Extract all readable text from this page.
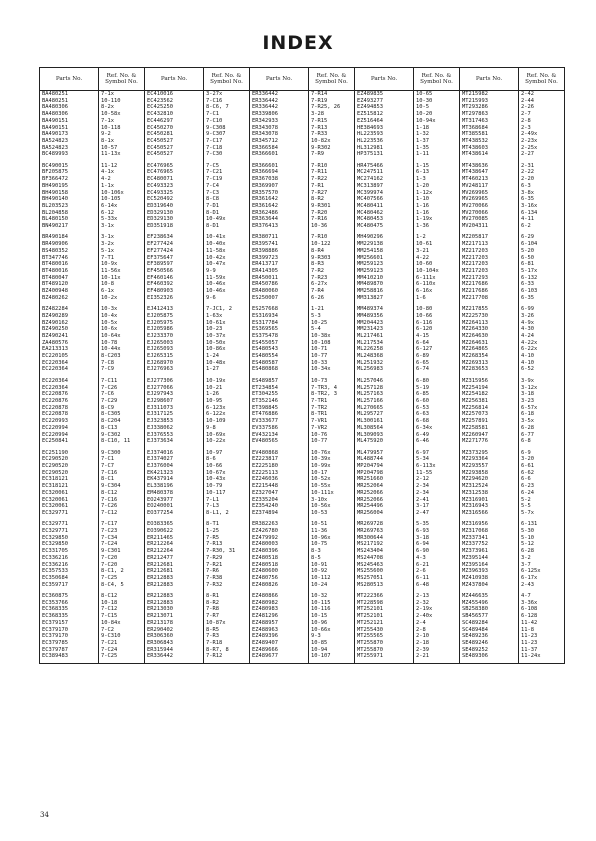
INDEX
Parts No.	Ref. No. & Symbol No.	Parts No.	Ref. No. & Symbol No.	Parts No.	Ref. No. & Symbol No.	Parts No.	Ref. No. & Symbol No.	Parts No.	Ref. No. & Symbol No.
BA480251	7-1x	EC410016	3-27x	ER336442	7-R14	EZ489835	10-65	MT215982	2-42
BA480251	10-110	EC423562	7-C16	ER336442	7-R19	EZ493277	10-30	MT215993	2-44
BA480306	8-2x	EC425250	8-C6, 7	ER336442	7-R25, 26	EZ494853	10-5	MT293286	2-26
BA480306	10-58x	EC432810	7-C1	ER339806	3-28	EZ515812	10-20	MT297863	2-7
BA490151	7-1x	EC446297	7-C10	ER342933	7-R15	EZ516464	10-94x	MT317463	2-8
BA490151	10-118	EC450270	9-C308	ER343078	7-R13	HE384693	1-18	MT368684	2-3
BA490173	9-2	EC450281	9-C307	ER343078	7-R33	HL223593	1-32	MT385581	2-49x
BA524823	8-1x	EC450527	7-C17	ER345712	10-82x	HL223536	1-37	MT438532	2-23x
BA524823	10-57	EC450527	7-C18	ER366584	9-R302	HL312981	1-35	MT438603	2-25x
BC489993	11-13x	EC450527	7-C30	ER366601	7-R9	HP375131	1-11	MT438614	2-27
BC490015	11-12	EC476965	7-C5	ER366601	7-R10	HR475466	1-15	MT438636	2-31
BF205875	4-1x	EC476965	7-C21	ER366694	7-R11	MC247511	6-13	MT438647	2-22
BF366472	4-2	EC480071	7-C19	ER367038	7-R22	MC274162	1-3	MT460213	2-20
BH490195	1-1x	EC493323	7-C4	ER369907	7-R1	MC313897	1-20	MV248117	6-3
BH490158	10-106x	EC493325	7-C3	ER357570	7-R27	MC399974	1-12x	MV269965	3-8x
BH490140	10-105	EC520492	8-C8	ER361642	8-R2	MC407566	1-10	MV269965	6-35
BL203523	6-14x	ED319640	7-D1	ER361642	9-R301	MC480411	1-16	MV270066	3-16x
BL204858	6-12	ED329130	8-D1	ER362486	7-R20	MC480462	1-16	MV270066	6-134
BL480150	5-33x	ED329130	10-49x	ER363644	7-R16	MC480453	1-19x	MV270085	4-11
BN490217	3-1x	ED351918	8-D1	ER376413	10-36	MC480475	1-36	MV204311	6-2
BR490184	3-1x	EF238634	10-41x	ER380711	7-R10	MH490296	1-2	MZ205817	6-29
BR490906	3-2x	EF277424	10-40x	ER395741	10-122	MM229138	10-61	MZ217113	6-104
BS480352	5-1x	EF277424	11-58x	ER398886	8-R4	MM254158	3-21	MZ217203	5-20
BT347746	7-T1	EF375647	10-42x	ER399723	9-R303	MM256601	4-22	MZ217203	6-50
BT480016	10-9x	EF389597	10-47x	ER413717	8-R3	MM259123	10-60	MZ217203	6-81
BT480016	11-56x	EF450566	9-9	ER414305	7-R2	MM259123	10-104x	MZ217203	5-17x
BT480047	10-11x	EF460146	11-59x	ER450011	7-R23	MM410210	6-111x	MZ217293	6-132
BT489120	10-8	EF460392	10-46x	ER450786	6-27x	MM489870	6-110x	MZ217686	6-33
BZ400948	6-1x	EF480903	10-46x	ER480060	7-R4	MM258816	6-16x	MZ217686	6-103
BZ480262	10-2x	EI352326	9-6	ES250007	6-26	MM313827	1-6	MZ217708	6-35
BZ482284	10-3x	EJ412413	7-JC1, 2	ES257668	1-21	MM489374	10-80	MZ217855	6-99
BZ490289	10-4x	EJ205875	1-63x	ES316934	5-3	MM489356	10-66	MZ225730	3-26
BZ490162	10-5x	EJ205975	10-61x	ES317784	10-25	MM204423	6-116	MZ264113	4-9x
BZ490250	10-6x	EJ205986	10-23	ES369565	5-4	MM231423	6-120	MZ264330	4-30
BZ490241	10-64x	EJ233370	10-37x	ES375478	10-38x	ML217461	4-15	MZ264630	4-24
ZA480576	10-78	EJ265003	10-50x	ES455057	10-108	ML217534	6-64	MZ264631	4-22x
EA213313	10-44x	EJ265093	10-86x	ES480543	10-71	ML226258	6-127	MZ264865	6-22x
EC220105	8-C203	EJ265315	1-24	ES480554	10-77	ML248368	6-89	MZ268354	4-10
EC220364	7-C8	EJ268970	10-48x	ES480587	10-33	ML251932	6-65	MZ269313	4-10
EC220364	7-C9	EJ276963	1-27	ES480868	10-34x	ML256983	6-74	MZ283653	6-52
EC220364	7-C11	EJ277306	10-19x	ES489857	10-73	ML257046	6-80	MZ315956	3-9x
EC220364	7-C26	EJ277066	10-21	ET234854	7-TR3, 4	ML257128	5-19	MZ254194	3-12x
EC220876	7-C6	EJ297943	1-26	ET304255	8-TR2, 3	ML257163	6-85	MZ254182	3-18
EC220876	7-C29	EJ298607	10-95	ET352146	7-TR1	ML257166	6-60	MZ256381	3-23
EC220878	8-C9	EJ311073	6-123x	ET398845	7-TR2	ML270665	6-53	MZ256814	6-57x
EC220878	8-C305	EJ317125	6-122x	ET476886	8-TR1	ML295727	6-63	MZ257073	6-18
EC220993	8-C204	EJ323853	10-109	EV333677	7-VR1	ML300161	6-68	MZ257891	3-5x
EC220994	8-C13	EJ338062	9-8	EV337586	7-VR2	ML308564	6-34x	MZ258581	6-28
EC220994	9-C302	EJ376553	10-69x	EV432134	10-76	ML309093	6-49	MZ260947	6-77
EC250841	8-C10, 11	EJ373634	10-22x	EV480565	10-77	ML475920	6-46	MZ271776	6-8
EC251190	9-C300	EJ374016	10-97	EV480868	10-76x	ML479957	6-97	MZ373295	6-9
EC290520	7-C1	EJ374027	8-6	EZ223817	10-39x	ML488744	5-34	MZ293364	3-20
EC290520	7-C7	EJ376004	10-66	EZ225180	10-99x	MP204794	6-113x	MZ293557	6-61
EC290520	7-C16	EK421323	10-67x	EZ225113	10-17	MP204798	11-55	MZ293858	6-62
EC318121	8-C1	EK437914	10-43x	EZ246036	10-52x	MR251660	2-12	MZ294620	6-6
EC318121	9-C304	EL338196	10-79	EZ215448	10-55x	MR252064	2-34	MZ312524	6-23
EC320061	8-C12	EM480378	10-117	EZ327047	10-111x	MR252066	2-34	MZ312538	6-24
EC320061	7-C16	EO243977	7-L1	EZ335204	3-10x	MR252066	2-41	MZ316901	5-2
EC320061	7-C26	EO240001	7-L3	EZ354240	10-56x	MR254496	3-17	MZ316943	5-5
EC329771	7-C12	EO377254	8-L1, 2	EZ374894	10-53	MR256004	2-47	MZ316566	5-7x
EC329771	7-C17	EO383365	8-T1	ER382263	10-51	MR269728	5-35	MZ316956	6-131
EC329771	7-C23	EO390622	1-25	EZ426780	11-36	MR269763	6-93	MZ317068	5-30
EC329850	7-C34	ER211465	7-R5	EZ479992	10-96x	MR300644	3-18	MZ337341	5-10
EC329850	7-C24	ER212264	7-R13	EZ480003	10-75	MS217192	6-94	MZ337752	5-12
EC331705	9-C301	ER212264	7-R30, 31	EZ480396	8-3	MS243404	6-90	MZ373961	6-28
EC336216	7-C20	ER212477	7-R29	EZ480518	8-5	MS244708	4-3	MZ395144	3-2
EC336216	7-C20	ER212681	7-R21	EZ480518	10-91	MS245463	6-21	MZ395164	3-7
EC357533	8-C1, 2	ER212681	7-R6	EZ480600	10-92	MS255600	2-6	MZ396393	6-125x
EC350684	7-C25	ER212883	7-R38	EZ480756	10-112	MS257051	6-11	MZ410938	6-17x
EC359717	8-C4, 5	ER212883	7-R32	EZ480826	10-24	MS280513	6-48	MZ437804	2-43
EC360875	8-C12	ER212883	8-R1	EZ480866	10-32	MT222366	2-13	MZ446635	4-7
EC353766	10-18	ER212883	8-R2	EZ480982	10-115	MT228598	2-32	MZ455496	3-36x
EC368335	7-C12	ER213030	7-R8	EZ480983	10-116	MT252101	2-19x	SB258380	6-108
EC368335	7-C15	ER213071	7-R7	EZ481296	10-15	MT252101	2-40x	SB456577	6-128
EC379157	10-84x	ER213178	10-87x	EZ488957	10-96	MT252121	2-4	SC489284	11-42
EC379170	7-C2	ER290402	8-R5	EZ488963	10-66x	MT255430	2-8	SC489484	11-8
EC379170	9-C310	ER306360	7-R3	EZ489396	9-3	MT255565	2-10	SE489236	11-23
EC379785	7-C21	ER306843	7-R18	EZ489407	10-85	MT255870	2-18	SE489246	11-23
EC379787	7-C24	ER315944	8-R7, 8	EZ489666	10-94	MT255870	2-39	SE489252	11-37
EC389483	7-C25	ER336442	7-R12	EZ489677	10-107	MT255971	2-21	SE489306	11-24x
34
